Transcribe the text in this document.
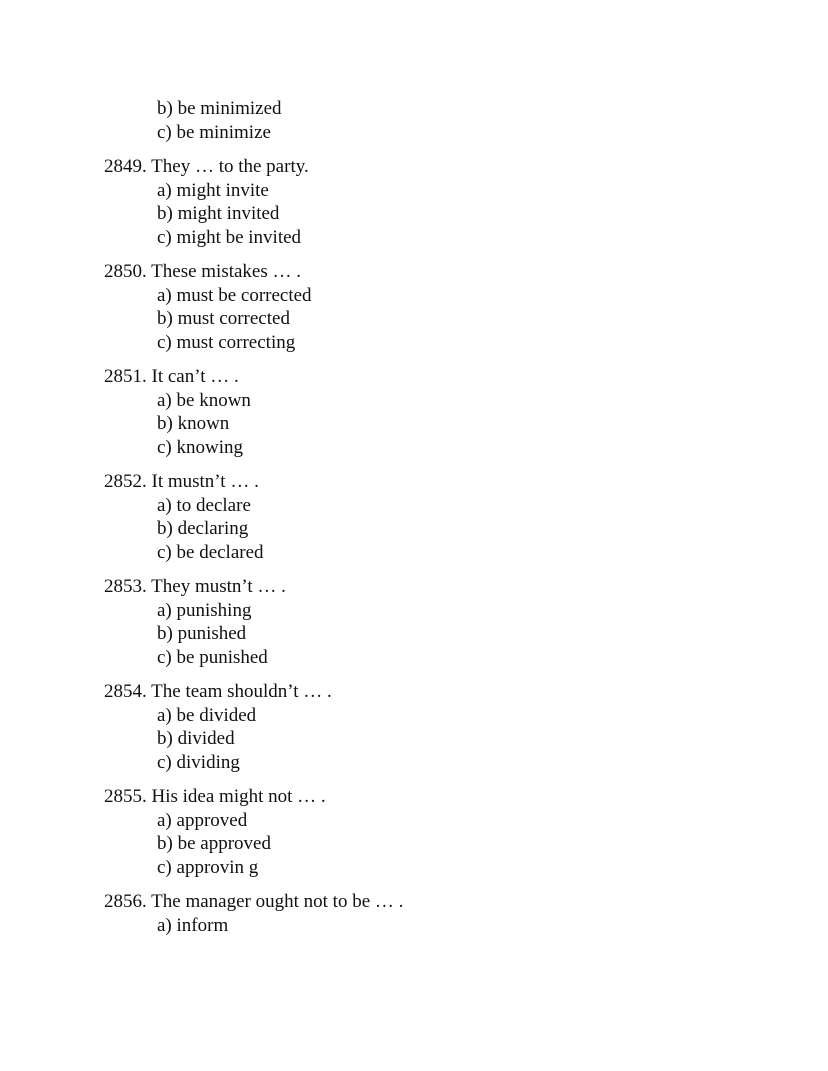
b) be minimized
c) be minimize
2849. They … to the party.
a) might invite
b) might invited
c) might be invited
2850. These mistakes … .
a) must be corrected
b) must corrected
c) must correcting
2851. It can’t … .
a) be known
b) known
c) knowing
2852. It mustn’t … .
a) to declare
b) declaring
c) be declared
2853. They mustn’t … .
a) punishing
b) punished
c) be punished
2854. The team shouldn’t … .
a) be divided
b) divided
c) dividing
2855. His idea might not … .
a) approved
b) be approved
c) approvin g
2856. The manager ought not to be … .
a) inform
